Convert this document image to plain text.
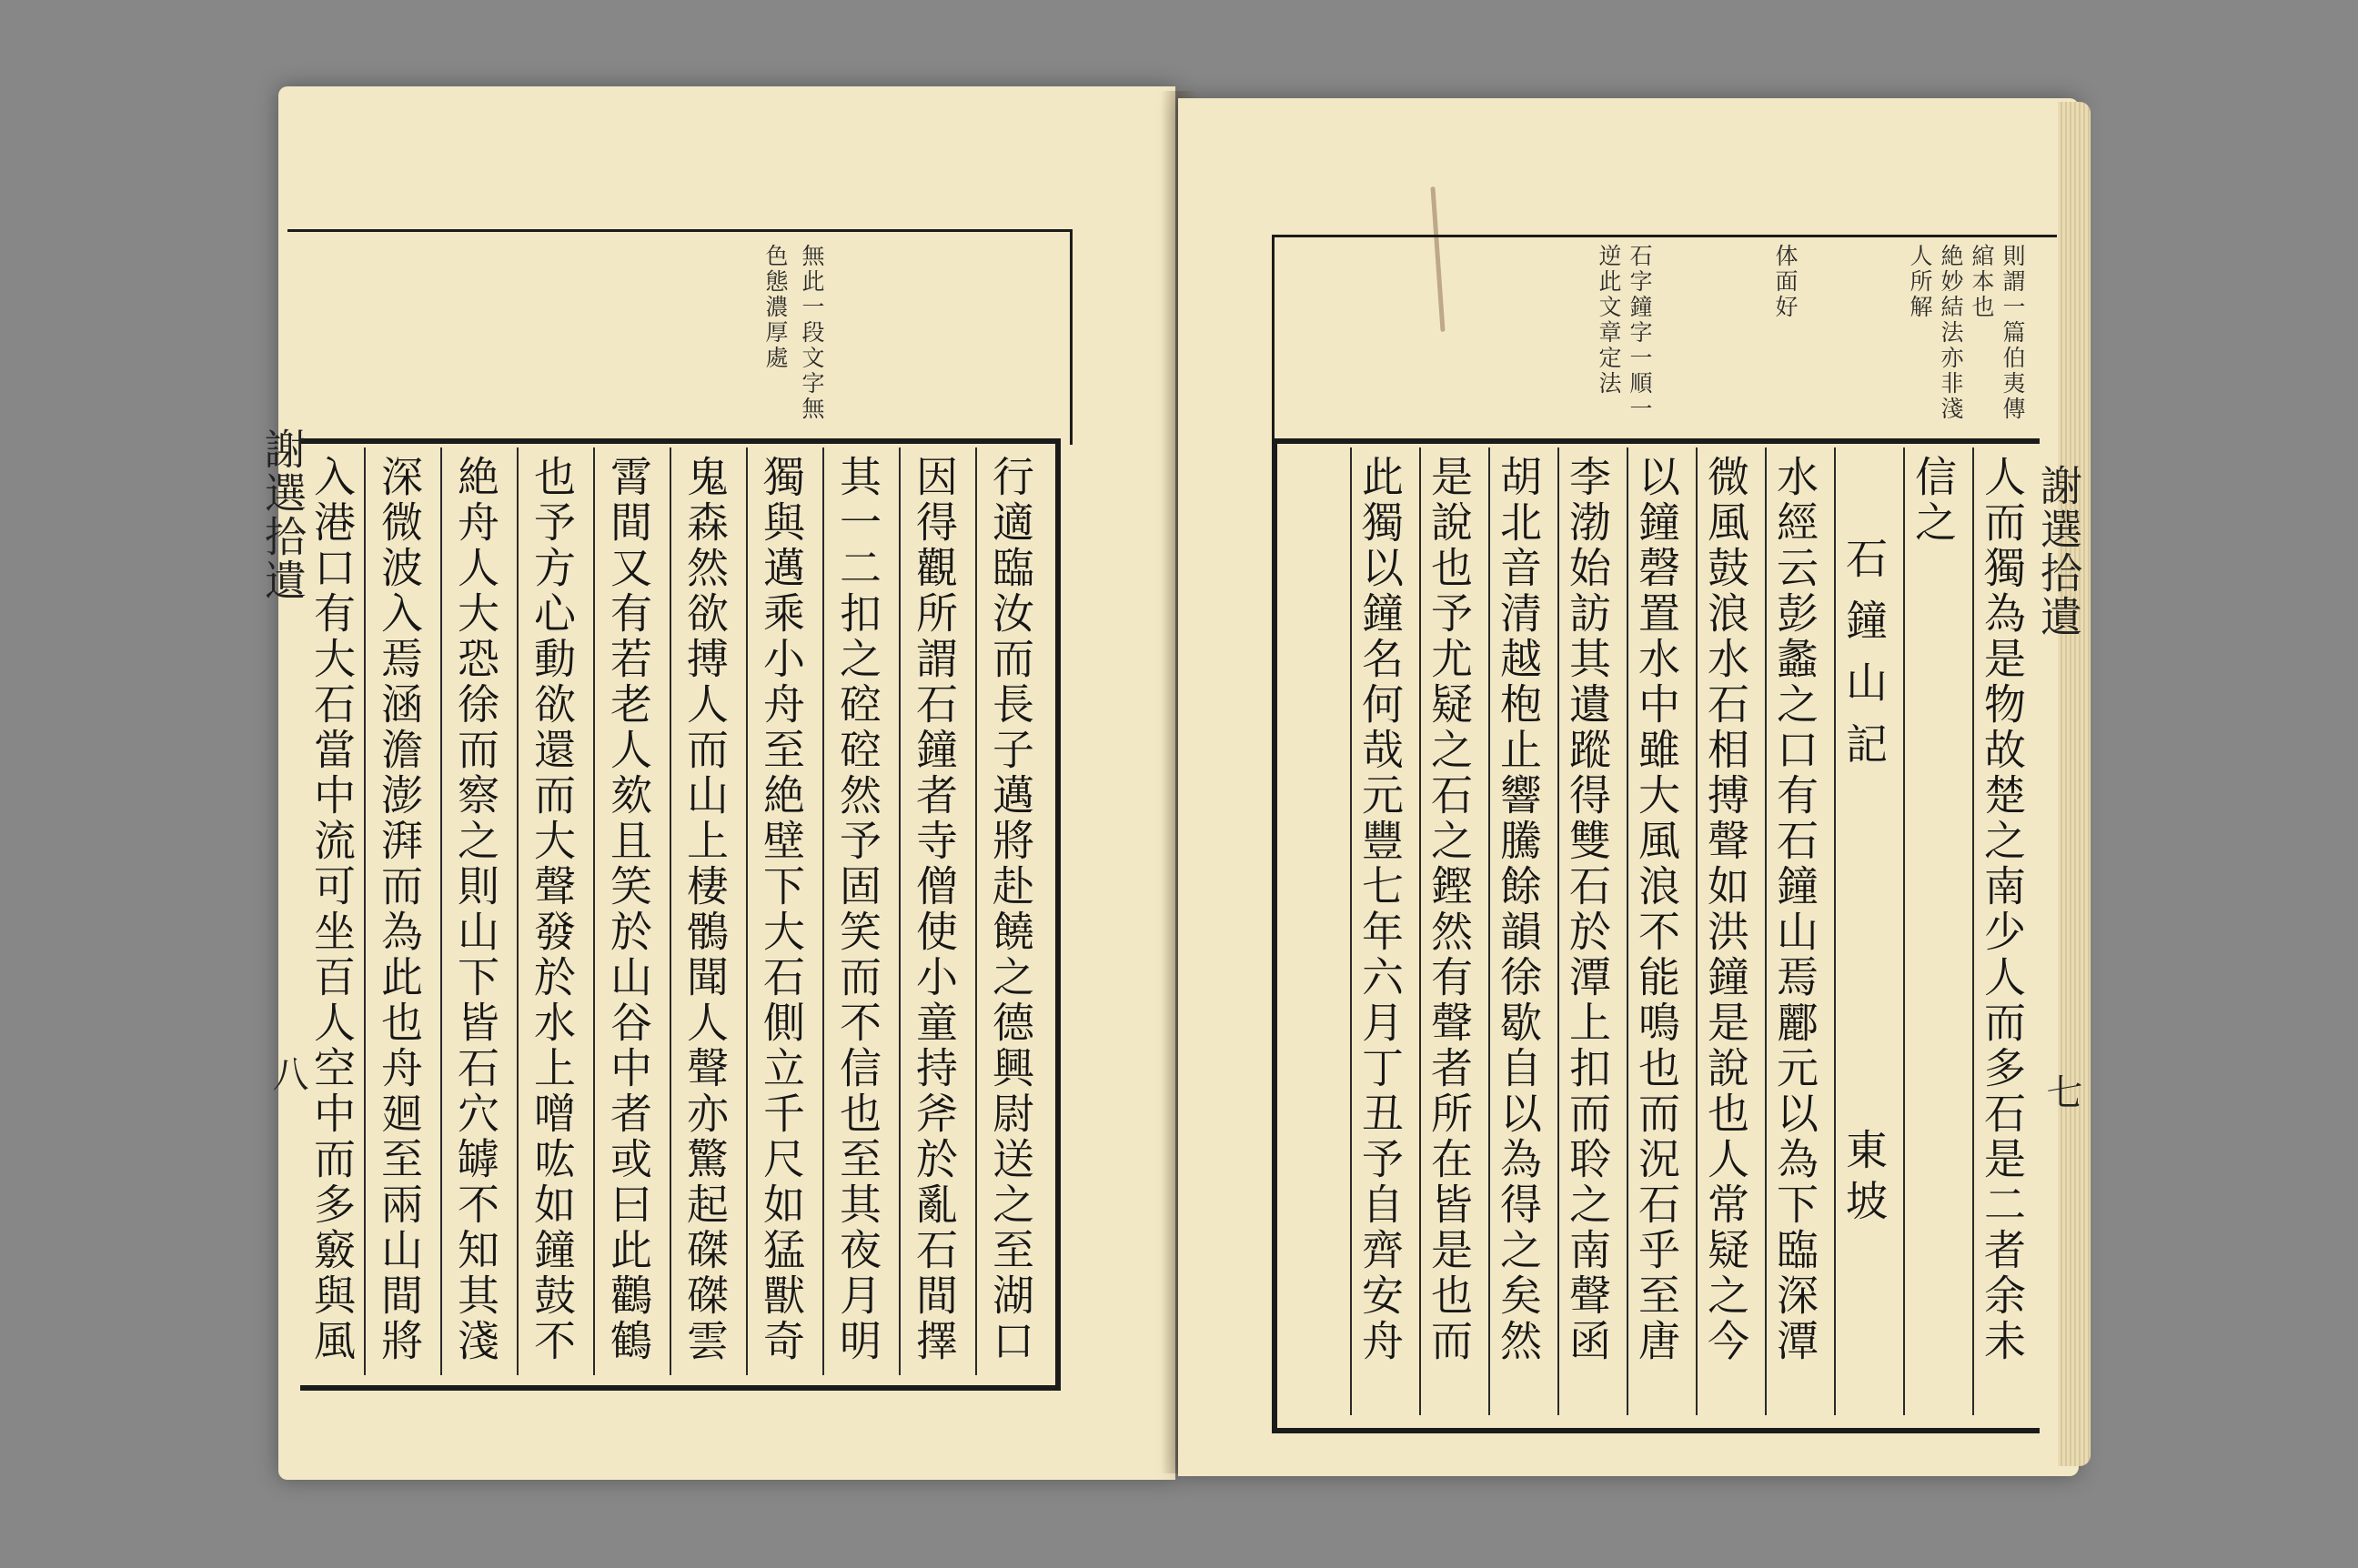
無此一段文字無
色態濃厚處
行適臨汝而長子邁將赴饒之德興尉送之至湖口
因得觀所謂石鐘者寺僧使小童持斧於亂石間擇
其一二扣之硿硿然予固笑而不信也至其夜月明
獨與邁乘小舟至絶壁下大石側立千尺如猛獸奇
鬼森然欲搏人而山上棲鶻聞人聲亦驚起磔磔雲
霄間又有若老人欬且笑於山谷中者或曰此鸛鶴
也予方心動欲還而大聲發於水上噌吰如鐘鼓不
絶舟人大恐徐而察之則山下皆石穴罅不知其淺
深微波入焉涵澹澎湃而為此也舟廻至兩山間將
入港口有大石當中流可坐百人空中而多竅與風
謝選拾遺
八
則謂一篇伯夷傳
綰本也
絶妙結法亦非淺
人所解
体面好
石字鐘字一順一
逆此文章定法
人而獨為是物故楚之南少人而多石是二者余未
信之
石鐘山記
東坡
水經云彭蠡之口有石鐘山焉酈元以為下臨深潭
微風鼓浪水石相搏聲如洪鐘是說也人常疑之今
以鐘磬置水中雖大風浪不能鳴也而況石乎至唐
李渤始訪其遺蹤得雙石於潭上扣而聆之南聲函
胡北音清越枹止響騰餘韻徐歇自以為得之矣然
是說也予尤疑之石之鏗然有聲者所在皆是也而
此獨以鐘名何哉元豐七年六月丁丑予自齊安舟	謝選拾遺
七
